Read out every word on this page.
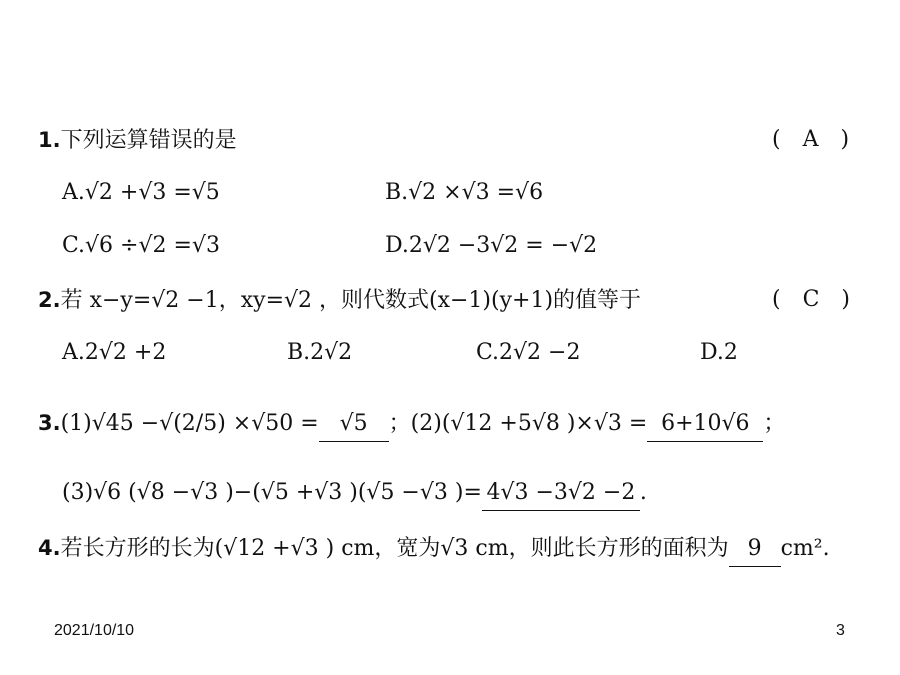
1.下列运算错误的是	(　A　)
A.√2 +√3 =√5	B.√2 ×√3 =√6
C.√6 ÷√2 =√3	D.2√2 −3√2 = −√2
2.若 x−y=√2 −1，xy=√2 ，则代数式(x−1)(y+1)的值等于	(　C　)
A.2√2 +2	B.2√2	C.2√2 −2	D.2
3.(1)√45 −√(2/5) ×√50 = √5 ；(2)(√12 +5√8 )×√3 = 6+10√6 ；
(3)√6 (√8 −√3 )−(√5 +√3 )(√5 −√3 )= 4√3 −3√2 −2 .
4.若长方形的长为(√12 +√3 ) cm，宽为√3 cm，则此长方形的面积为 9 cm².
2021/10/10	3
